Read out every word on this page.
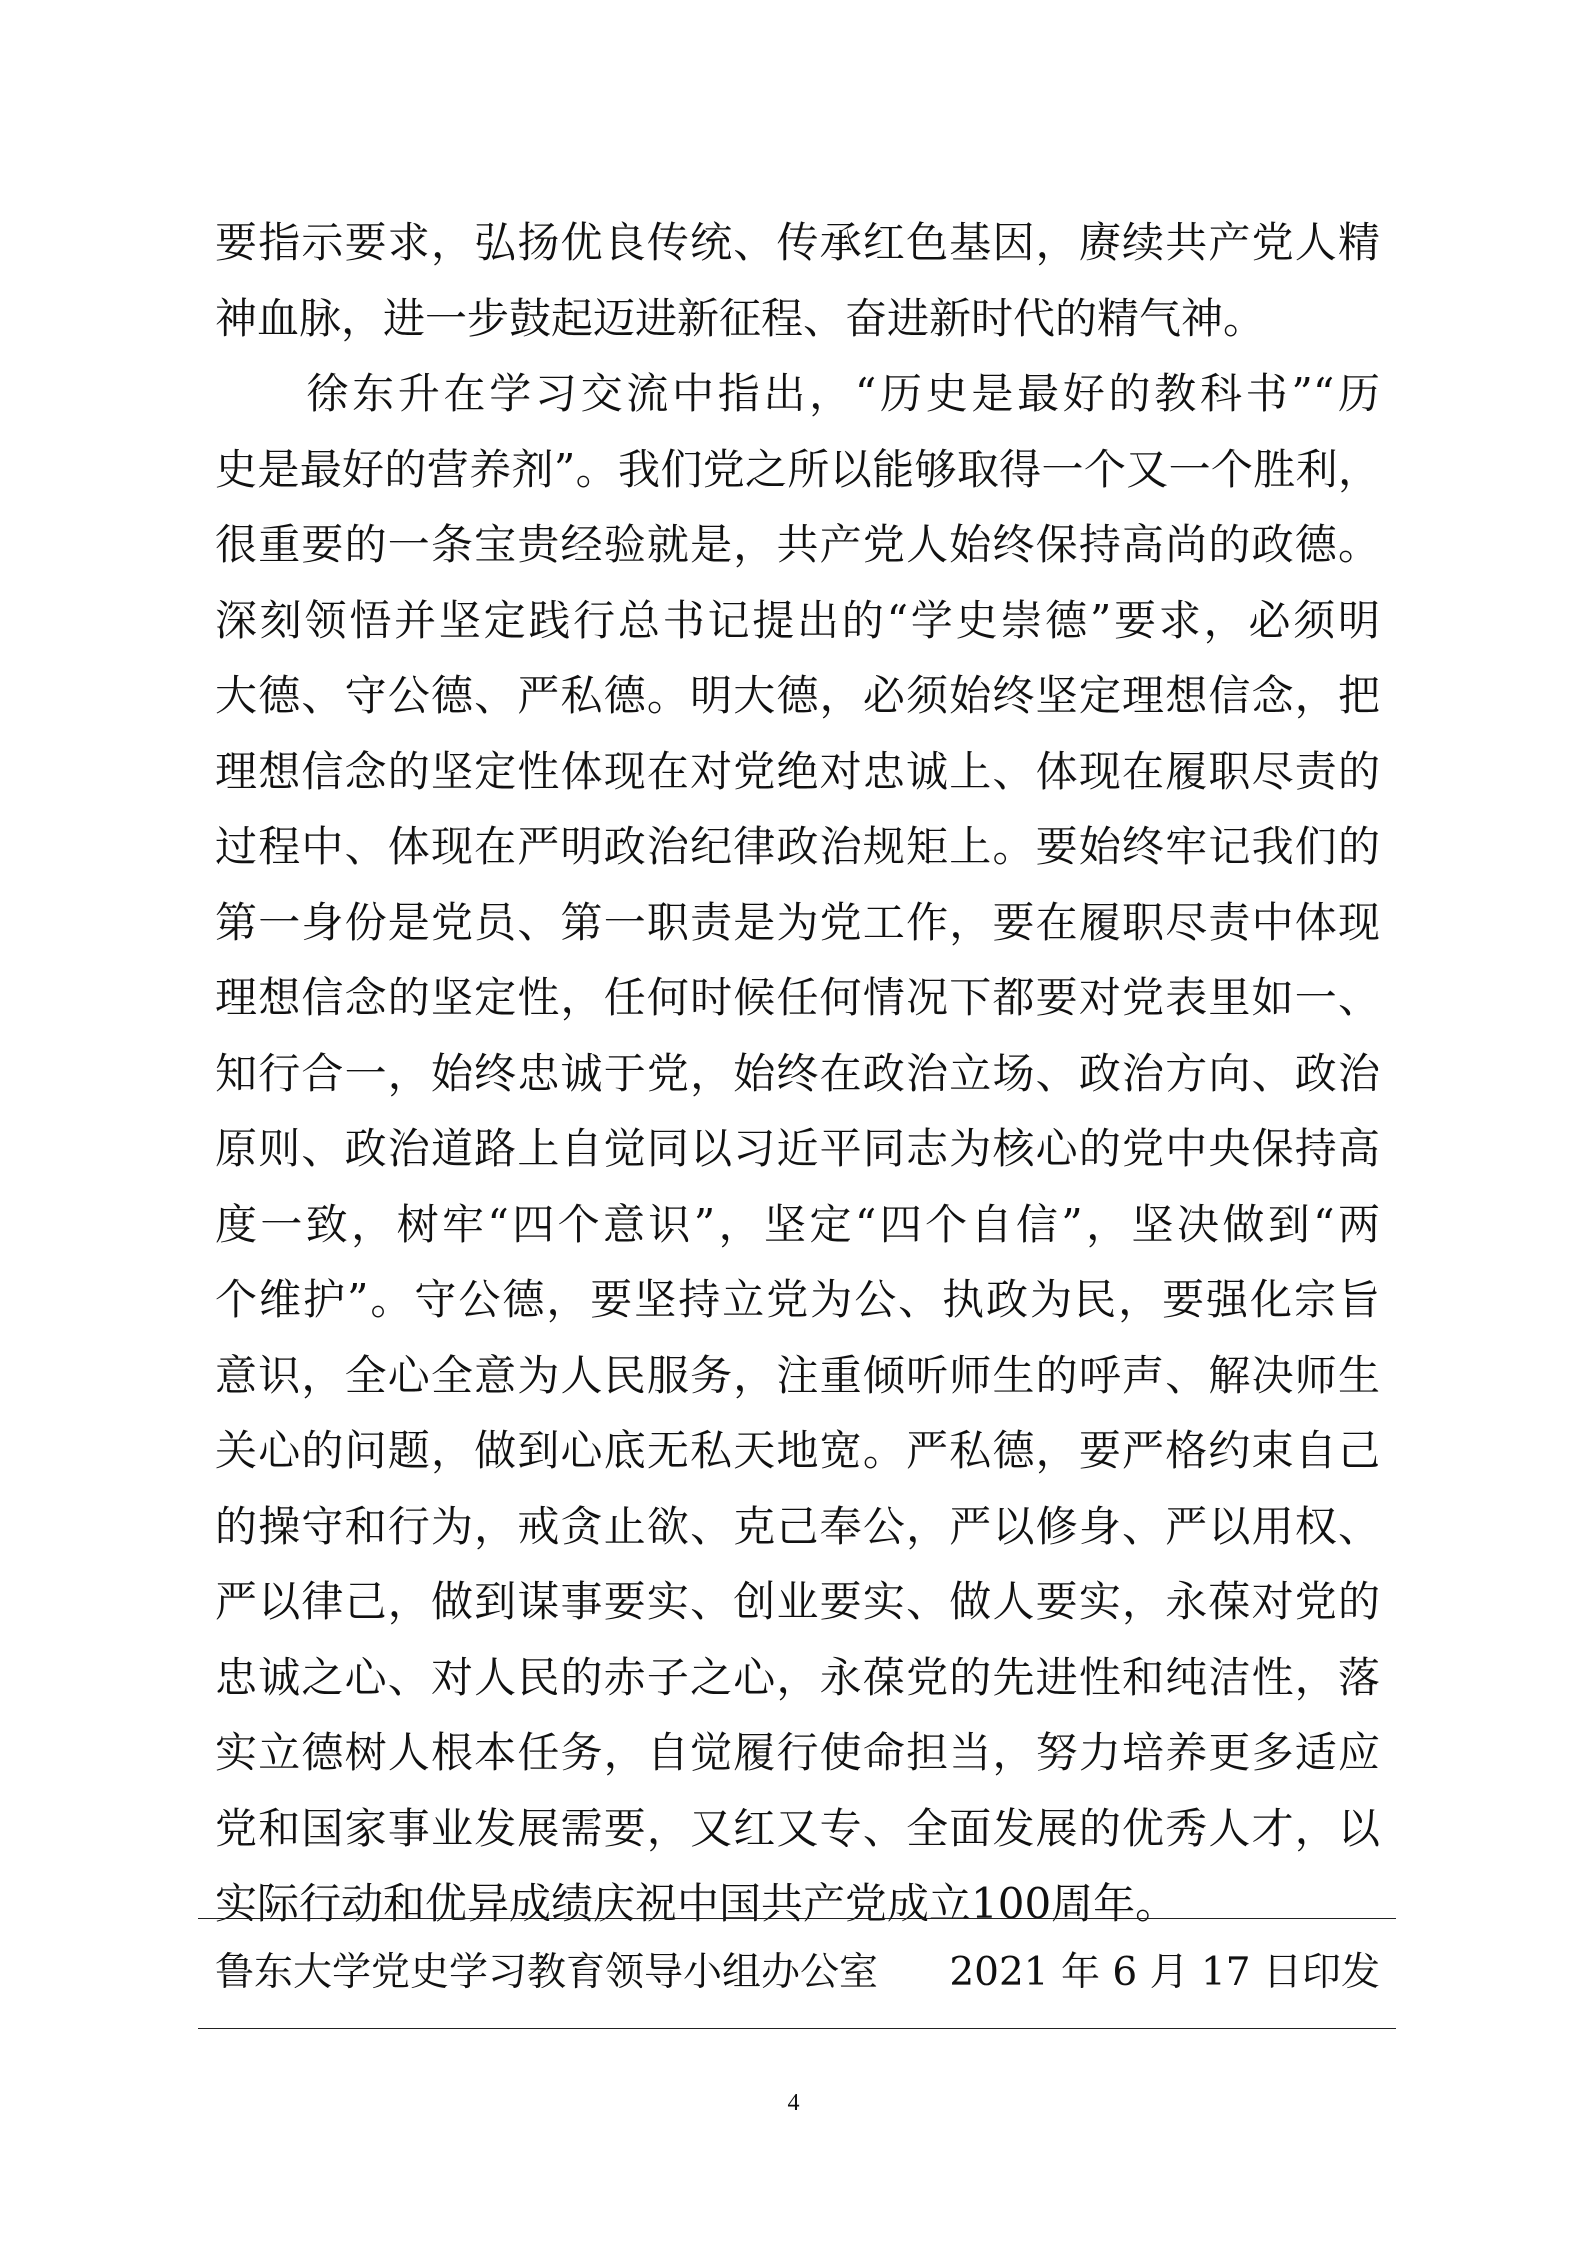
要指示要求，弘扬优良传统、传承红色基因，赓续共产党人精
神血脉，进一步鼓起迈进新征程、奋进新时代的精气神。
　　徐东升在学习交流中指出，“历史是最好的教科书”“历
史是最好的营养剂”。我们党之所以能够取得一个又一个胜利，
很重要的一条宝贵经验就是，共产党人始终保持高尚的政德。
深刻领悟并坚定践行总书记提出的“学史崇德”要求，必须明
大德、守公德、严私德。明大德，必须始终坚定理想信念，把
理想信念的坚定性体现在对党绝对忠诚上、体现在履职尽责的
过程中、体现在严明政治纪律政治规矩上。要始终牢记我们的
第一身份是党员、第一职责是为党工作，要在履职尽责中体现
理想信念的坚定性，任何时候任何情况下都要对党表里如一、
知行合一，始终忠诚于党，始终在政治立场、政治方向、政治
原则、政治道路上自觉同以习近平同志为核心的党中央保持高
度一致，树牢“四个意识”，坚定“四个自信”，坚决做到“两
个维护”。守公德，要坚持立党为公、执政为民，要强化宗旨
意识，全心全意为人民服务，注重倾听师生的呼声、解决师生
关心的问题，做到心底无私天地宽。严私德，要严格约束自己
的操守和行为，戒贪止欲、克己奉公，严以修身、严以用权、
严以律己，做到谋事要实、创业要实、做人要实，永葆对党的
忠诚之心、对人民的赤子之心，永葆党的先进性和纯洁性，落
实立德树人根本任务，自觉履行使命担当，努力培养更多适应
党和国家事业发展需要，又红又专、全面发展的优秀人才，以
实际行动和优异成绩庆祝中国共产党成立100周年。
鲁东大学党史学习教育领导小组办公室 2021 年 6 月 17 日印发
4
